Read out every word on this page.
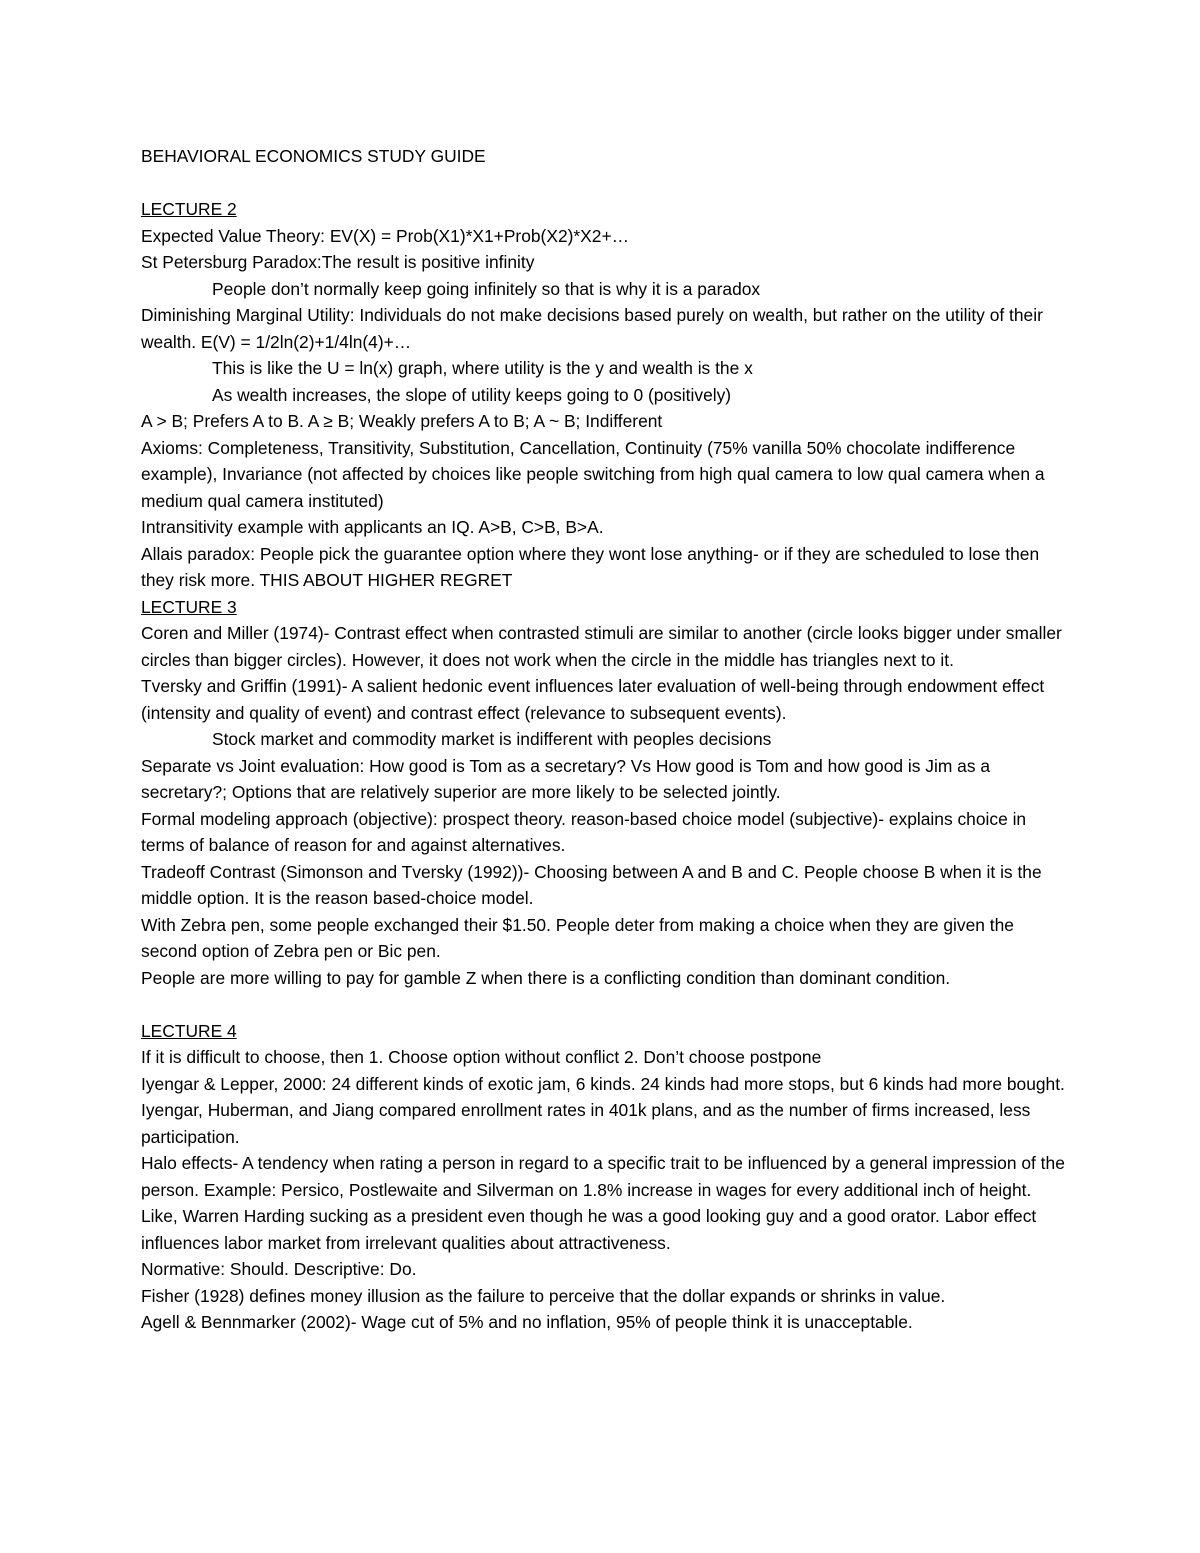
BEHAVIORAL ECONOMICS STUDY GUIDE

LECTURE 2

Expected Value Theory: EV(X) = Prob(X1)*X1+Prob(X2)*X2+…

St Petersburg Paradox:The result is positive infinity

People don’t normally keep going infinitely so that is why it is a paradox

Diminishing Marginal Utility: Individuals do not make decisions based purely on wealth, but rather on the utility of their wealth. E(V) = 1/2ln(2)+1/4ln(4)+…

This is like the U = ln(x) graph, where utility is the y and wealth is the x

As wealth increases, the slope of utility keeps going to 0 (positively)

A > B; Prefers A to B. A ≥ B; Weakly prefers A to B; A ~ B; Indifferent

Axioms: Completeness, Transitivity, Substitution, Cancellation, Continuity (75% vanilla 50% chocolate indifference example), Invariance (not affected by choices like people switching from high qual camera to low qual camera when a medium qual camera instituted)

Intransitivity example with applicants an IQ. A>B, C>B, B>A.

Allais paradox: People pick the guarantee option where they wont lose anything- or if they are scheduled to lose then they risk more. THIS ABOUT HIGHER REGRET

LECTURE 3

Coren and Miller (1974)- Contrast effect when contrasted stimuli are similar to another (circle looks bigger under smaller circles than bigger circles). However, it does not work when the circle in the middle has triangles next to it.

Tversky and Griffin (1991)- A salient hedonic event influences later evaluation of well-being through endowment effect (intensity and quality of event) and contrast effect (relevance to subsequent events).

Stock market and commodity market is indifferent with peoples decisions

Separate vs Joint evaluation: How good is Tom as a secretary? Vs How good is Tom and how good is Jim as a secretary?; Options that are relatively superior are more likely to be selected jointly.

Formal modeling approach (objective): prospect theory. reason-based choice model (subjective)- explains choice in terms of balance of reason for and against alternatives.

Tradeoff Contrast (Simonson and Tversky (1992))- Choosing between A and B and C. People choose B when it is the middle option. It is the reason based-choice model.

With Zebra pen, some people exchanged their $1.50. People deter from making a choice when they are given the second option of Zebra pen or Bic pen.

People are more willing to pay for gamble Z when there is a conflicting condition than dominant condition.

LECTURE 4

If it is difficult to choose, then 1. Choose option without conflict 2. Don’t choose postpone

Iyengar & Lepper, 2000: 24 different kinds of exotic jam, 6 kinds. 24 kinds had more stops, but 6 kinds had more bought. Iyengar, Huberman, and Jiang compared enrollment rates in 401k plans, and as the number of firms increased, less participation.

Halo effects- A tendency when rating a person in regard to a specific trait to be influenced by a general impression of the person. Example: Persico, Postlewaite and Silverman on 1.8% increase in wages for every additional inch of height. Like, Warren Harding sucking as a president even though he was a good looking guy and a good orator. Labor effect influences labor market from irrelevant qualities about attractiveness.

Normative: Should. Descriptive: Do.

Fisher (1928) defines money illusion as the failure to perceive that the dollar expands or shrinks in value.

Agell & Bennmarker (2002)- Wage cut of 5% and no inflation, 95% of people think it is unacceptable.
